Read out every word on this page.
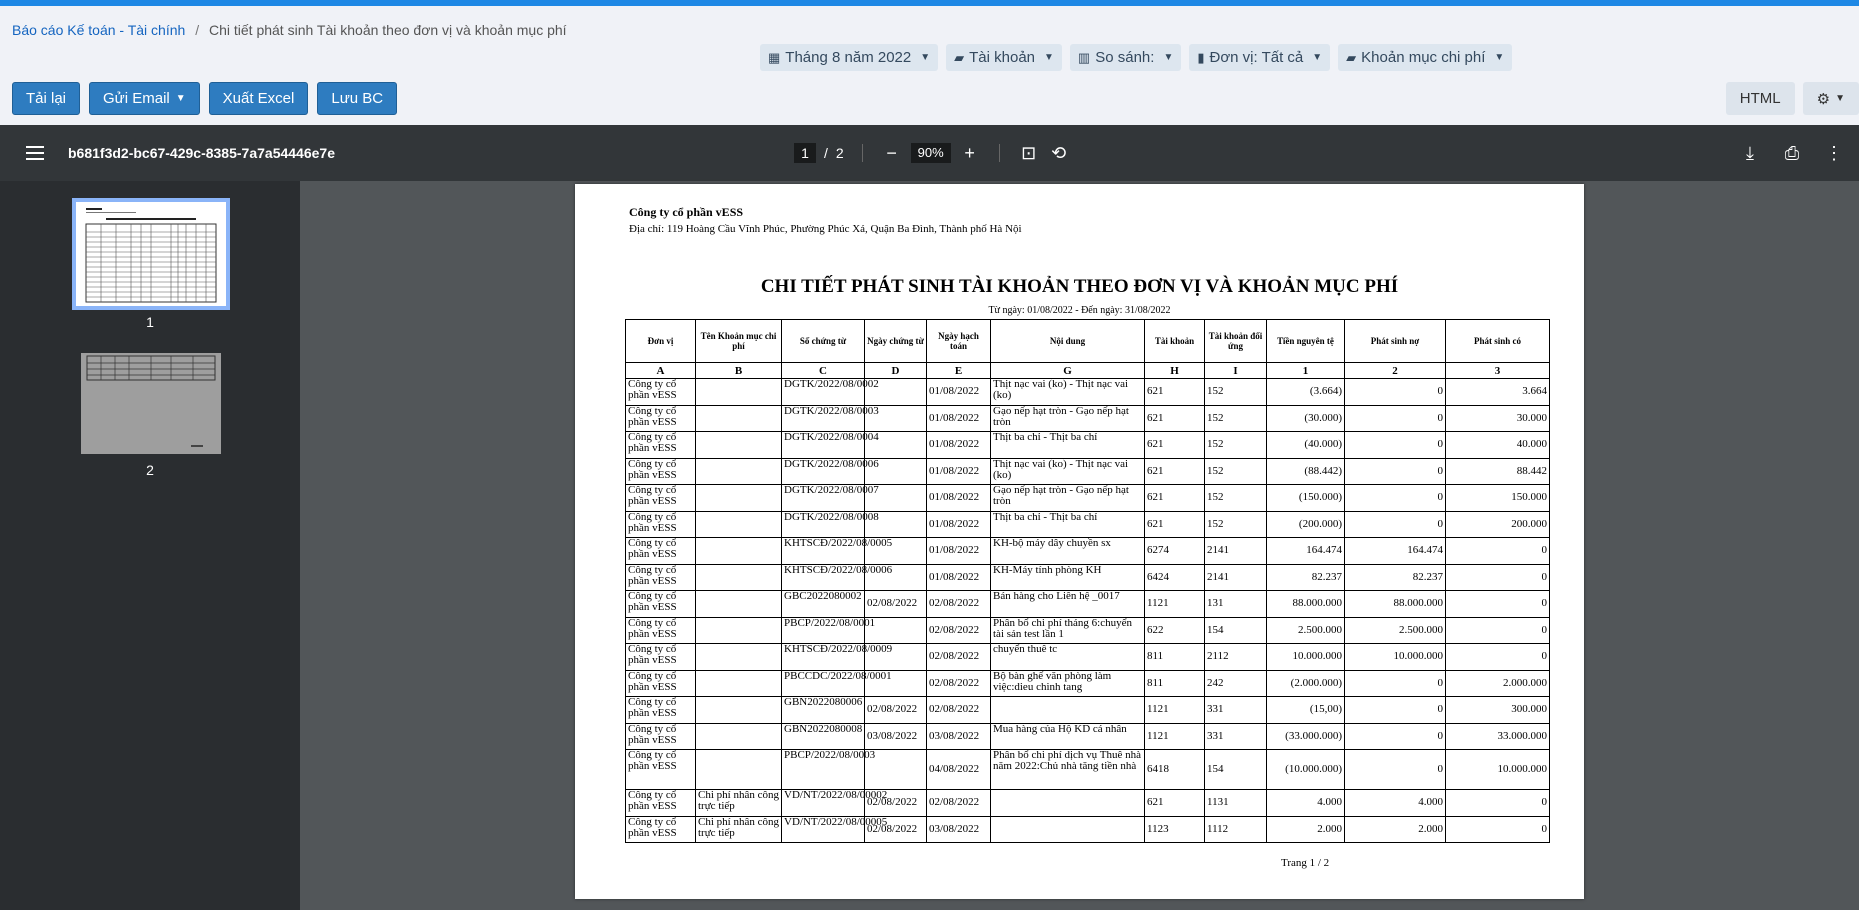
Báo cáo Kế toán - Tài chính / Chi tiết phát sinh Tài khoản theo đơn vị và khoản mục phí
▦ Tháng 8 năm 2022 ▼ ▰ Tài khoản ▼ ▥ So sánh: ▼ ▮ Đơn vị: Tất cả ▼ ▰ Khoản mục chi phí ▼
Tải lại	Gửi Email ▼	Xuất Excel	Lưu BC	HTML	⚙ ▼
b681f3d2-bc67-429c-8385-7a7a54446e7e	1	/ 2	−	90%	+	⊡ ⟲	⤓	⎙ ⋮
1
2
Công ty cổ phần vESS
Địa chỉ: 119 Hoàng Cầu Vĩnh Phúc, Phường Phúc Xá, Quận Ba Đình, Thành phố Hà Nội
CHI TIẾT PHÁT SINH TÀI KHOẢN THEO ĐƠN VỊ VÀ KHOẢN MỤC PHÍ
Từ ngày: 01/08/2022 - Đến ngày: 31/08/2022
Đơn vị	Tên Khoản mục chi phí	Số chứng từ	Ngày chứng từ	Ngày hạch toán	Nội dung	Tài khoản	Tài khoản đối ứng	Tiền nguyên tệ	Phát sinh nợ	Phát sinh có
A	B	C	D	E	G	H	I	1	2	3
Công ty cổ phần vESS		DGTK/2022/08/0002		01/08/2022	Thịt nạc vai (ko) - Thịt nạc vai (ko)	621	152	(3.664)	0	3.664
Công ty cổ phần vESS		DGTK/2022/08/0003		01/08/2022	Gạo nếp hạt tròn - Gạo nếp hạt tròn	621	152	(30.000)	0	30.000
Công ty cổ phần vESS		DGTK/2022/08/0004		01/08/2022	Thịt ba chỉ - Thịt ba chỉ	621	152	(40.000)	0	40.000
Công ty cổ phần vESS		DGTK/2022/08/0006		01/08/2022	Thịt nạc vai (ko) - Thịt nạc vai (ko)	621	152	(88.442)	0	88.442
Công ty cổ phần vESS		DGTK/2022/08/0007		01/08/2022	Gạo nếp hạt tròn - Gạo nếp hạt tròn	621	152	(150.000)	0	150.000
Công ty cổ phần vESS		DGTK/2022/08/0008		01/08/2022	Thịt ba chỉ - Thịt ba chỉ	621	152	(200.000)	0	200.000
Công ty cổ phần vESS		KHTSCĐ/2022/08/0005		01/08/2022	KH-bộ máy dây chuyền sx	6274	2141	164.474	164.474	0
Công ty cổ phần vESS		KHTSCĐ/2022/08/0006		01/08/2022	KH-Máy tính phòng KH	6424	2141	82.237	82.237	0
Công ty cổ phần vESS		GBC2022080002	02/08/2022	02/08/2022	Bán hàng cho Liên hệ _0017	1121	131	88.000.000	88.000.000	0
Công ty cổ phần vESS		PBCP/2022/08/0001		02/08/2022	Phân bổ chi phí tháng 6:chuyển tài sản test lần 1	622	154	2.500.000	2.500.000	0
Công ty cổ phần vESS		KHTSCĐ/2022/08/0009		02/08/2022	chuyển thuê tc	811	2112	10.000.000	10.000.000	0
Công ty cổ phần vESS		PBCCDC/2022/08/0001		02/08/2022	Bộ bàn ghế văn phòng làm việc:dieu chinh tang	811	242	(2.000.000)	0	2.000.000
Công ty cổ phần vESS		GBN2022080006	02/08/2022	02/08/2022		1121	331	(15,00)	0	300.000
Công ty cổ phần vESS		GBN2022080008	03/08/2022	03/08/2022	Mua hàng của Hộ KD cá nhân	1121	331	(33.000.000)	0	33.000.000
Công ty cổ phần vESS		PBCP/2022/08/0003		04/08/2022	Phân bổ chi phí dịch vụ Thuê nhà năm 2022:Chủ nhà tăng tiền nhà	6418	154	(10.000.000)	0	10.000.000
Công ty cổ phần vESS	Chi phí nhân công trực tiếp	VD/NT/2022/08/00002	02/08/2022	02/08/2022		621	1131	4.000	4.000	0
Công ty cổ phần vESS	Chi phí nhân công trực tiếp	VD/NT/2022/08/00005	02/08/2022	03/08/2022		1123	1112	2.000	2.000	0
Trang 1 / 2
